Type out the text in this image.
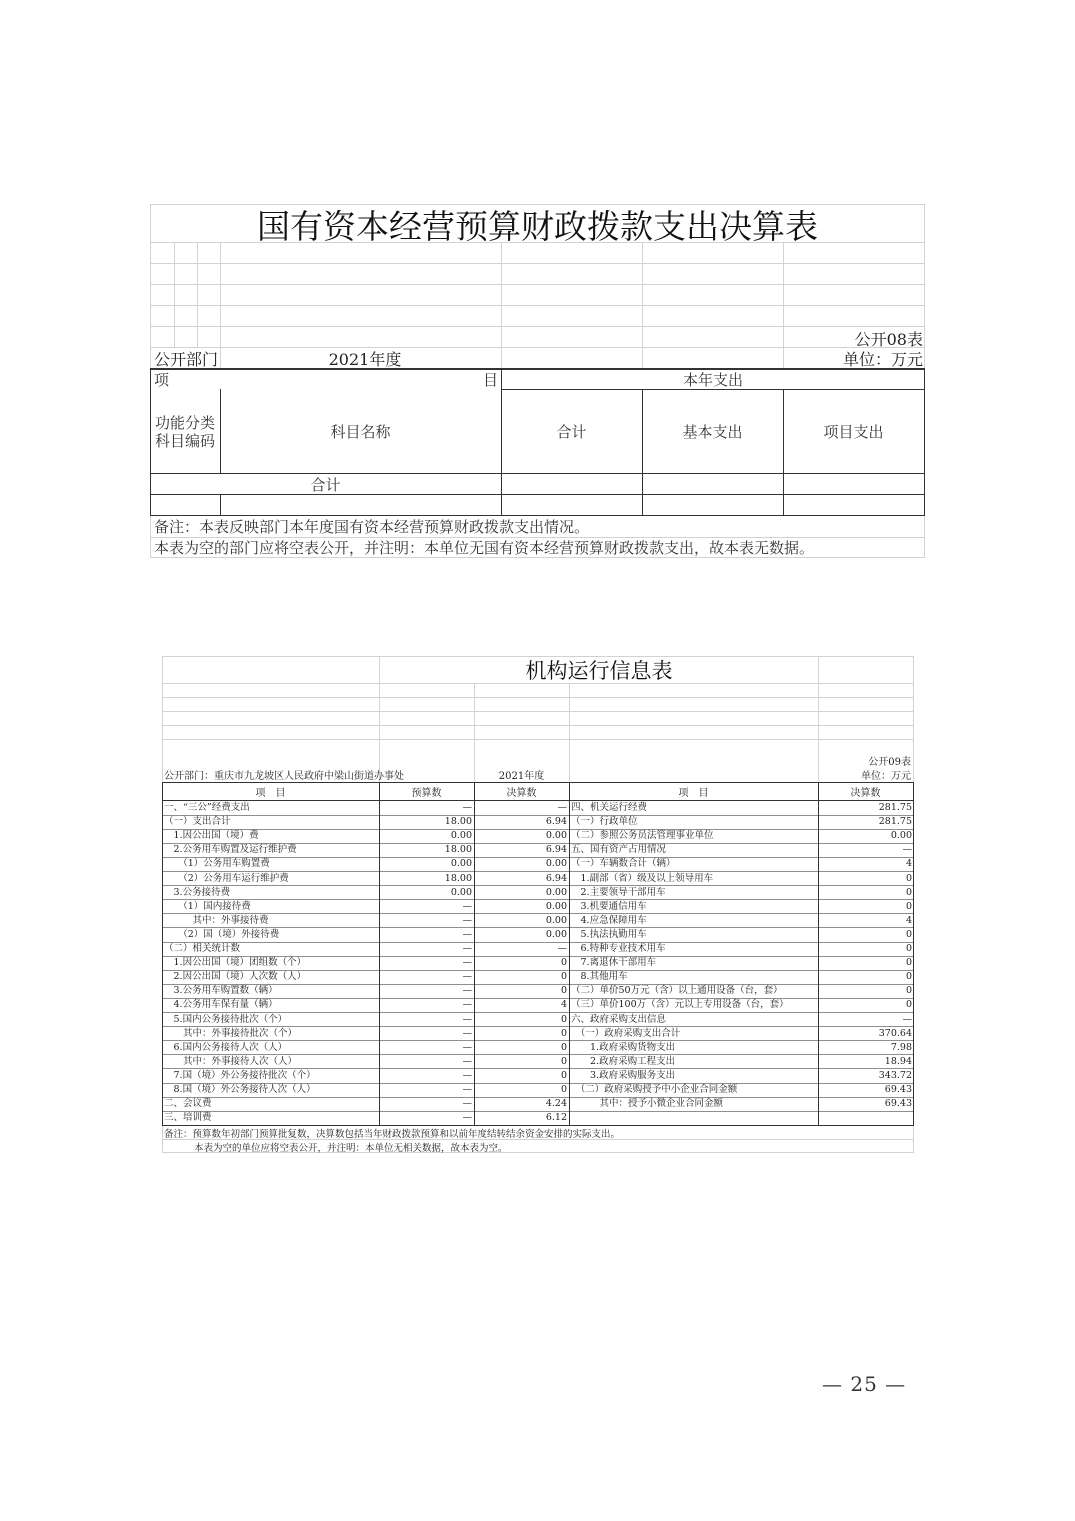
国有资本经营预算财政拨款支出决算表
公开08表
公开部门	2021年度	单位：万元
项	目	本年支出
功能分类
科目编码	科目名称	合计	基本支出	项目支出
合计
备注：本表反映部门本年度国有资本经营预算财政拨款支出情况。
本表为空的部门应将空表公开，并注明：本单位无国有资本经营预算财政拨款支出，故本表无数据。
机构运行信息表
公开09表
公开部门：重庆市九龙坡区人民政府中梁山街道办事处	2021年度	单位：万元
项　目	预算数	决算数	项　目	决算数
一、“三公”经费支出	—	— 四、机关运行经费	281.75
（一）支出合计	18.00	6.94 （一）行政单位	281.75
　1.因公出国（境）费	0.00	0.00 （二）参照公务员法管理事业单位	0.00
　2.公务用车购置及运行维护费	18.00	6.94 五、国有资产占用情况	—
　　（1）公务用车购置费	0.00	0.00 （一）车辆数合计（辆）	4
　　（2）公务用车运行维护费	18.00	6.94 　1.副部（省）级及以上领导用车	0
　3.公务接待费	0.00	0.00 　2.主要领导干部用车	0
　　（1）国内接待费	—	0.00 　3.机要通信用车	0
　　　其中：外事接待费	—	0.00 　4.应急保障用车	4
　　（2）国（境）外接待费	—	0.00 　5.执法执勤用车	0
（二）相关统计数	—	— 　6.特种专业技术用车	0
　1.因公出国（境）团组数（个）	—	0 　7.离退休干部用车	0
　2.因公出国（境）人次数（人）	—	0 　8.其他用车	0
　3.公务用车购置数（辆）	—	0 （二）单价50万元（含）以上通用设备（台，套）	0
　4.公务用车保有量（辆）	—	4 （三）单价100万（含）元以上专用设备（台，套）	0
　5.国内公务接待批次（个）	—	0 六、政府采购支出信息	—
　　其中：外事接待批次（个）	—	0 　（一）政府采购支出合计	370.64
　6.国内公务接待人次（人）	—	0 　　1.政府采购货物支出	7.98
　　其中：外事接待人次（人）	—	0 　　2.政府采购工程支出	18.94
　7.国（境）外公务接待批次（个）	—	0 　　3.政府采购服务支出	343.72
　8.国（境）外公务接待人次（人）	—	0 　（二）政府采购授予中小企业合同金额	69.43
二、会议费	—	4.24 　　　其中：授予小微企业合同金额	69.43
三、培训费	—	6.12
备注：预算数年初部门预算批复数，决算数包括当年财政拨款预算和以前年度结转结余资金安排的实际支出。
本表为空的单位应将空表公开，并注明：本单位无相关数据，故本表为空。
— 25 —
